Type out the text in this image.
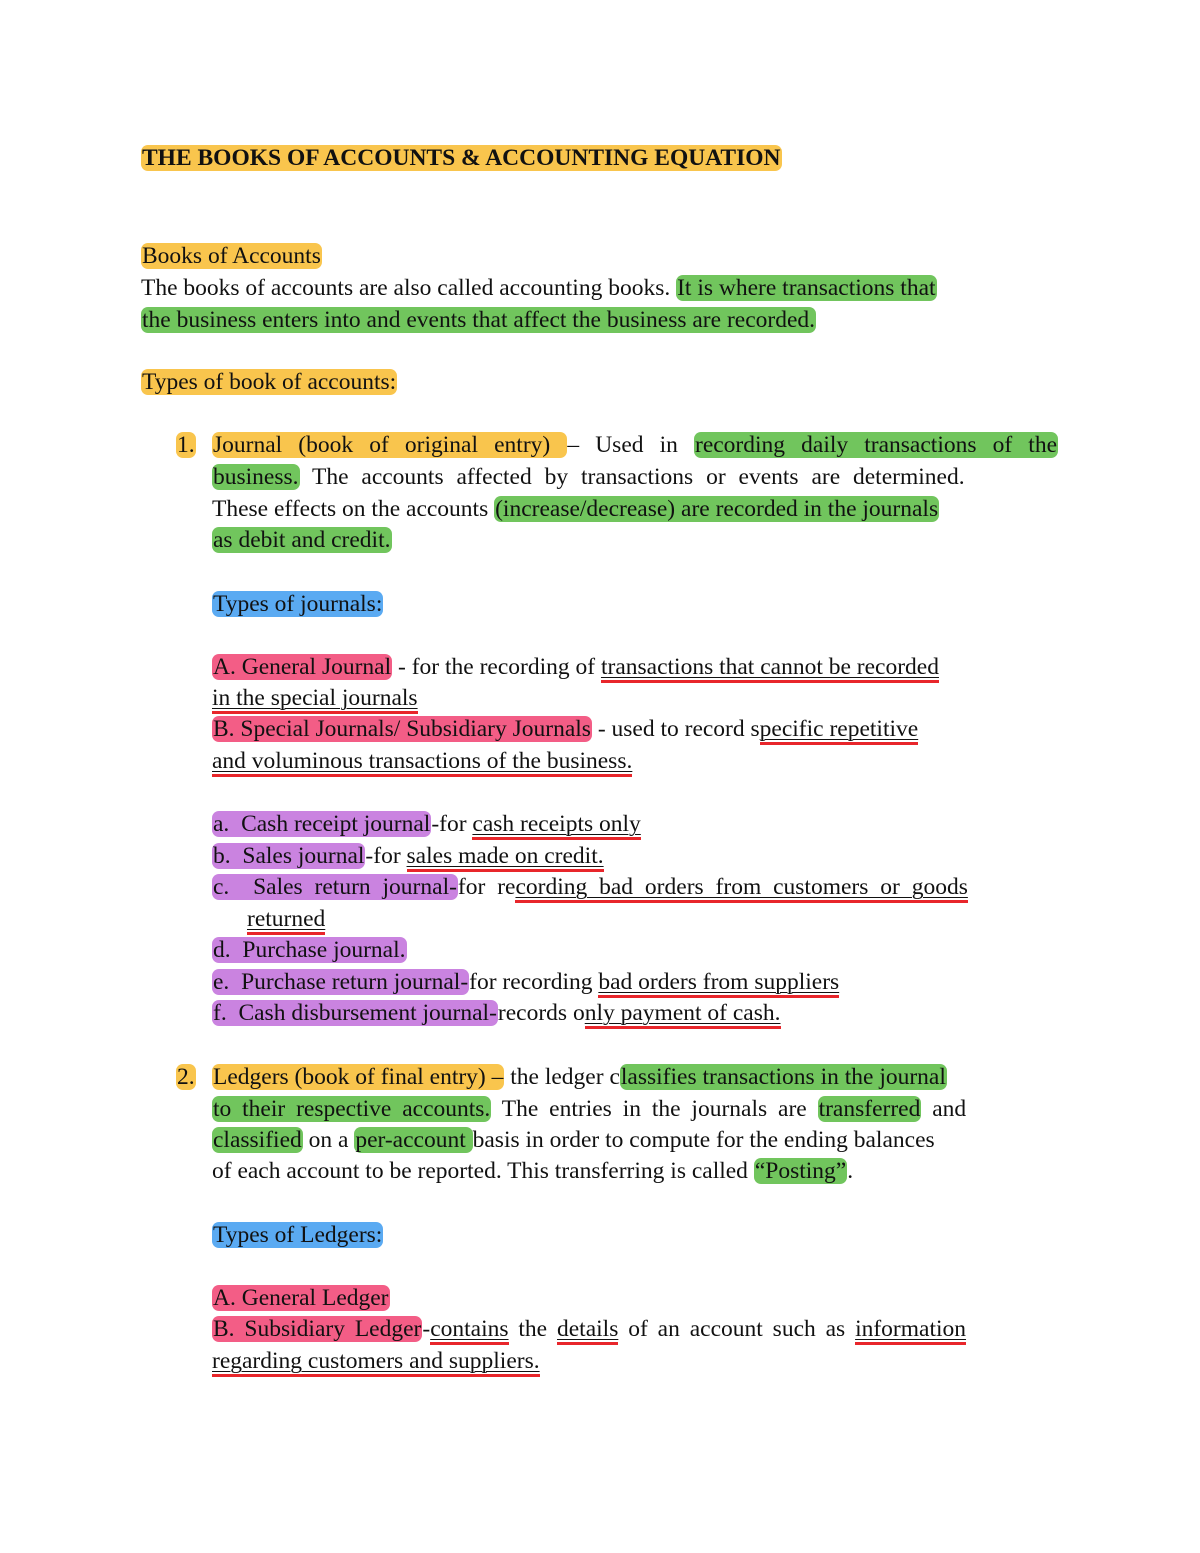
THE BOOKS OF ACCOUNTS & ACCOUNTING EQUATION
Books of Accounts
The books of accounts are also called accounting books. It is where transactions that
the business enters into and events that affect the business are recorded.
Types of book of accounts:
1. Journal (book of original entry) – Used in recording daily transactions of the
business. The accounts affected by transactions or events are determined.
These effects on the accounts (increase/decrease) are recorded in the journals
as debit and credit.
Types of journals:
A. General Journal - for the recording of transactions that cannot be recorded
in the special journals
B. Special Journals/ Subsidiary Journals - used to record specific repetitive
and voluminous transactions of the business.
a. Cash receipt journal-for cash receipts only
b. Sales journal-for sales made on credit.
c. Sales return journal-for recording bad orders from customers or goods
returned
d. Purchase journal.
e. Purchase return journal-for recording bad orders from suppliers
f. Cash disbursement journal-records only payment of cash.
2. Ledgers (book of final entry) – the ledger classifies transactions in the journal
to their respective accounts. The entries in the journals are transferred and
classified on a per-account basis in order to compute for the ending balances
of each account to be reported. This transferring is called “Posting”.
Types of Ledgers:
A. General Ledger
B. Subsidiary Ledger-contains the details of an account such as information
regarding customers and suppliers.
